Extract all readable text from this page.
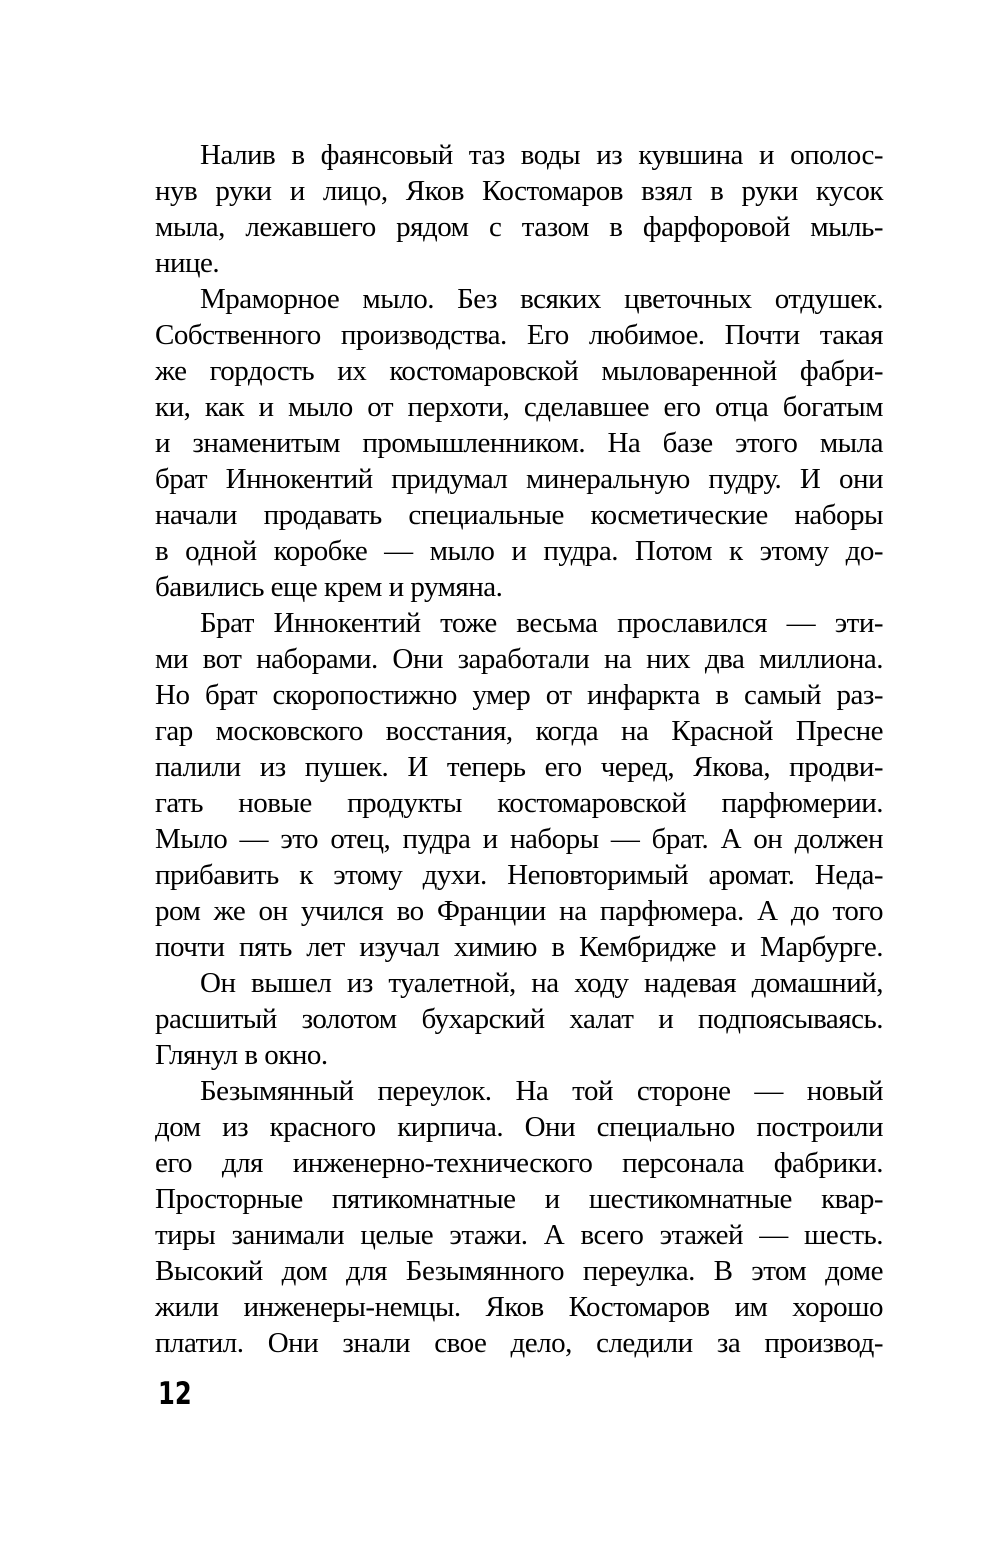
Налив в фаянсовый таз воды из кувшина и ополос-
нув руки и лицо, Яков Костомаров взял в руки кусок
мыла, лежавшего рядом с тазом в фарфоровой мыль-
нице.
Мраморное мыло. Без всяких цветочных отдушек.
Собственного производства. Его любимое. Почти такая
же гордость их костомаровской мыловаренной фабри-
ки, как и мыло от перхоти, сделавшее его отца богатым
и знаменитым промышленником. На базе этого мыла
брат Иннокентий придумал минеральную пудру. И они
начали продавать специальные косметические наборы
в одной коробке — мыло и пудра. Потом к этому до-
бавились еще крем и румяна.
Брат Иннокентий тоже весьма прославился — эти-
ми вот наборами. Они заработали на них два миллиона.
Но брат скоропостижно умер от инфаркта в самый раз-
гар московского восстания, когда на Красной Пресне
палили из пушек. И теперь его черед, Якова, продви-
гать новые продукты костомаровской парфюмерии.
Мыло — это отец, пудра и наборы — брат. А он должен
прибавить к этому духи. Неповторимый аромат. Неда-
ром же он учился во Франции на парфюмера. А до того
почти пять лет изучал химию в Кембридже и Марбурге.
Он вышел из туалетной, на ходу надевая домашний,
расшитый золотом бухарский халат и подпоясываясь.
Глянул в окно.
Безымянный переулок. На той стороне — новый
дом из красного кирпича. Они специально построили
его для инженерно-технического персонала фабрики.
Просторные пятикомнатные и шестикомнатные квар-
тиры занимали целые этажи. А всего этажей — шесть.
Высокий дом для Безымянного переулка. В этом доме
жили инженеры-немцы. Яков Костомаров им хорошо
платил. Они знали свое дело, следили за производ-
12
